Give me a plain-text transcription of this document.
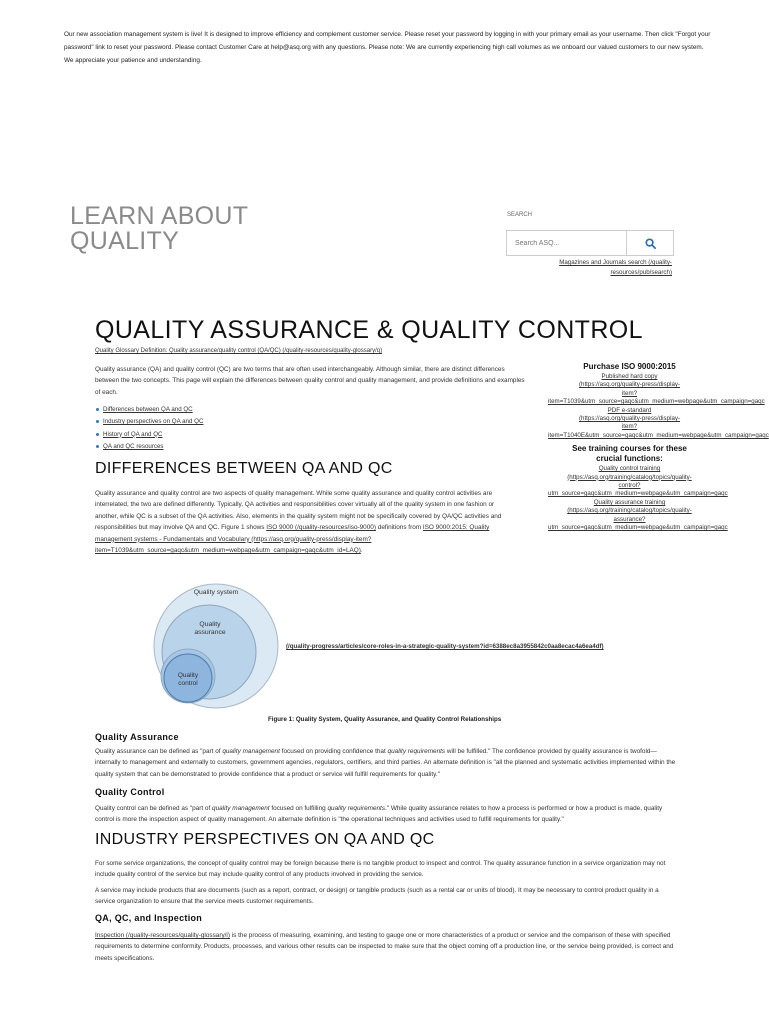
Our new association management system is live! It is designed to improve efficiency and complement customer service. Please reset your password by logging in with your primary email as your username. Then click "Forgot your password" link to reset your password. Please contact Customer Care at help@asq.org with any questions. Please note: We are currently experiencing high call volumes as we onboard our valued customers to our new system. We appreciate your patience and understanding.
LEARN ABOUT QUALITY
SEARCH
Search ASQ...
Magazines and Journals search (/quality-resources/pub/search)
QUALITY ASSURANCE & QUALITY CONTROL
Quality Glossary Definition: Quality assurance/quality control (QA/QC) (/quality-resources/quality-glossary/q)
Quality assurance (QA) and quality control (QC) are two terms that are often used interchangeably. Although similar, there are distinct differences between the two concepts. This page will explain the differences between quality control and quality management, and provide definitions and examples of each.
Differences between QA and QC
Industry perspectives on QA and QC
History of QA and QC
QA and QC resources
Purchase ISO 9000:2015
Published hard copy
(https://asq.org/quality-press/display-
item?
item=T1039&utm_source=gaqc&utm_medium=webpage&utm_campaign=gaqc
PDF e-standard
(https://asq.org/quality-press/display-
item?
item=T1040E&utm_source=gaqc&utm_medium=webpage&utm_campaign=gaqc
See training courses for these crucial functions:
Quality control training
(https://asq.org/training/catalog/topics/quality-
control?
utm_source=gaqc&utm_medium=webpage&utm_campaign=gaqc
Quality assurance training
(https://asq.org/training/catalog/topics/quality-
assurance?
utm_source=gaqc&utm_medium=webpage&utm_campaign=gaqc
DIFFERENCES BETWEEN QA AND QC
Quality assurance and quality control are two aspects of quality management. While some quality assurance and quality control activities are interrelated, the two are defined differently. Typically, QA activities and responsibilities cover virtually all of the quality system in one fashion or another, while QC is a subset of the QA activities. Also, elements in the quality system might not be specifically covered by QA/QC activities and responsibilities but may involve QA and QC. Figure 1 shows ISO 9000 (/quality-resources/iso-9000) definitions from ISO 9000:2015: Quality management systems - Fundamentals and Vocabulary (https://asq.org/quality-press/display-item?item=T1039&utm_source=gaqc&utm_medium=webpage&utm_campaign=gaqc&utm_id=LAQ).
Quality system
Quality
assurance
Quality
control
(/quality-progress/articles/core-roles-in-a-strategic-quality-system?id=6388ec8a3955842c0aa8ecac4a6ea4df)
Figure 1: Quality System, Quality Assurance, and Quality Control Relationships
Quality Assurance
Quality assurance can be defined as "part of quality management focused on providing confidence that quality requirements will be fulfilled." The confidence provided by quality assurance is twofold—internally to management and externally to customers, government agencies, regulators, certifiers, and third parties. An alternate definition is "all the planned and systematic activities implemented within the quality system that can be demonstrated to provide confidence that a product or service will fulfill requirements for quality."
Quality Control
Quality control can be defined as "part of quality management focused on fulfilling quality requirements." While quality assurance relates to how a process is performed or how a product is made, quality control is more the inspection aspect of quality management. An alternate definition is "the operational techniques and activities used to fulfill requirements for quality."
INDUSTRY PERSPECTIVES ON QA AND QC
For some service organizations, the concept of quality control may be foreign because there is no tangible product to inspect and control. The quality assurance function in a service organization may not include quality control of the service but may include quality control of any products involved in providing the service.
A service may include products that are documents (such as a report, contract, or design) or tangible products (such as a rental car or units of blood). It may be necessary to control product quality in a service organization to ensure that the service meets customer requirements.
QA, QC, and Inspection
Inspection (/quality-resources/quality-glossary/i) is the process of measuring, examining, and testing to gauge one or more characteristics of a product or service and the comparison of these with specified requirements to determine conformity. Products, processes, and various other results can be inspected to make sure that the object coming off a production line, or the service being provided, is correct and meets specifications.
